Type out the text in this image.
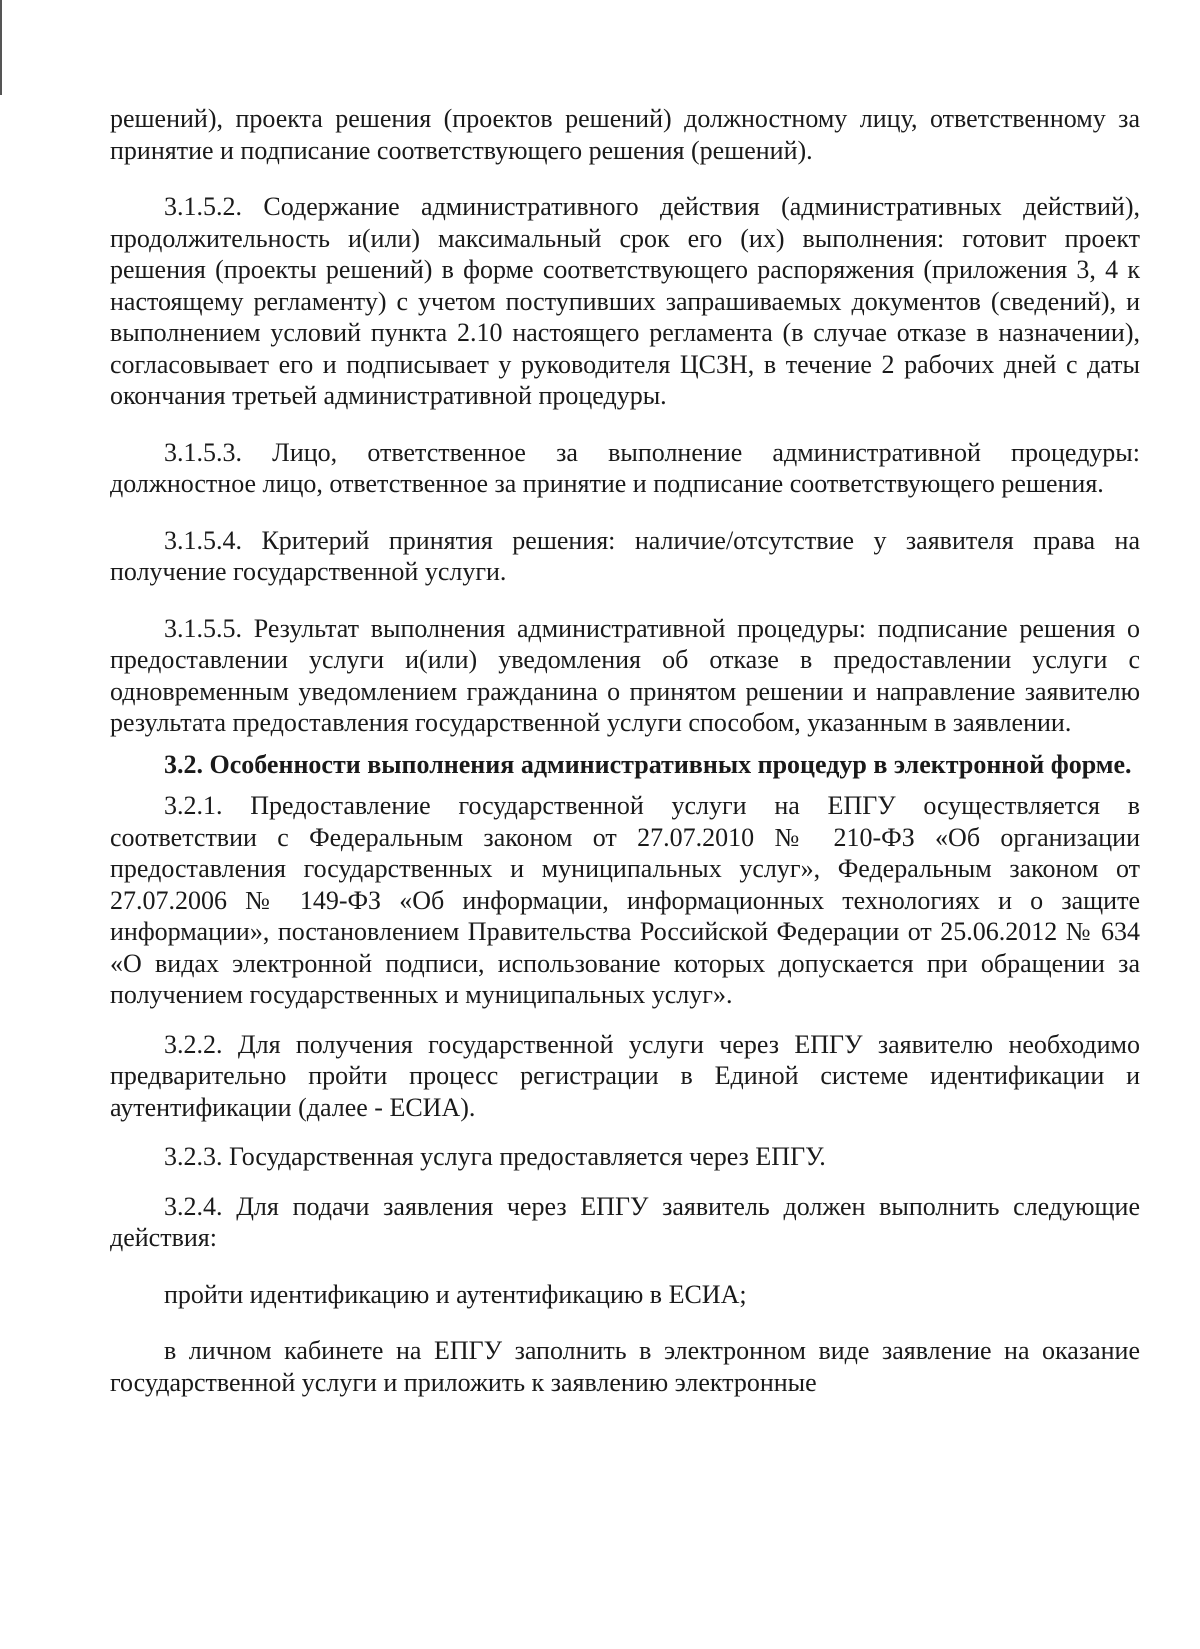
решений), проекта решения (проектов решений) должностному лицу, ответственному за принятие и подписание соответствующего решения (решений).

3.1.5.2. Содержание административного действия (административных действий), продолжительность и(или) максимальный срок его (их) выполнения: готовит проект решения (проекты решений) в форме соответствующего распоряжения (приложения 3, 4 к настоящему регламенту) с учетом поступивших запрашиваемых документов (сведений), и выполнением условий пункта 2.10 настоящего регламента (в случае отказе в назначении), согласовывает его и подписывает у руководителя ЦСЗН, в течение 2 рабочих дней с даты окончания третьей административной процедуры.

3.1.5.3. Лицо, ответственное за выполнение административной процедуры: должностное лицо, ответственное за принятие и подписание соответствующего решения.

3.1.5.4. Критерий принятия решения: наличие/отсутствие у заявителя права на получение государственной услуги.

3.1.5.5. Результат выполнения административной процедуры: подписание решения о предоставлении услуги и(или) уведомления об отказе в предоставлении услуги с одновременным уведомлением гражданина о принятом решении и направление заявителю результата предоставления государственной услуги способом, указанным в заявлении.

3.2. Особенности выполнения административных процедур в электронной форме.

3.2.1. Предоставление государственной услуги на ЕПГУ осуществляется в соответствии с Федеральным законом от 27.07.2010 № 210-ФЗ «Об организации предоставления государственных и муниципальных услуг», Федеральным законом от 27.07.2006 № 149-ФЗ «Об информации, информационных технологиях и о защите информации», постановлением Правительства Российской Федерации от 25.06.2012 № 634 «О видах электронной подписи, использование которых допускается при обращении за получением государственных и муниципальных услуг».

3.2.2. Для получения государственной услуги через ЕПГУ заявителю необходимо предварительно пройти процесс регистрации в Единой системе идентификации и аутентификации (далее - ЕСИА).

3.2.3. Государственная услуга предоставляется через ЕПГУ.

3.2.4. Для подачи заявления через ЕПГУ заявитель должен выполнить следующие действия:

пройти идентификацию и аутентификацию в ЕСИА;

в личном кабинете на ЕПГУ заполнить в электронном виде заявление на оказание государственной услуги и приложить к заявлению электронные
